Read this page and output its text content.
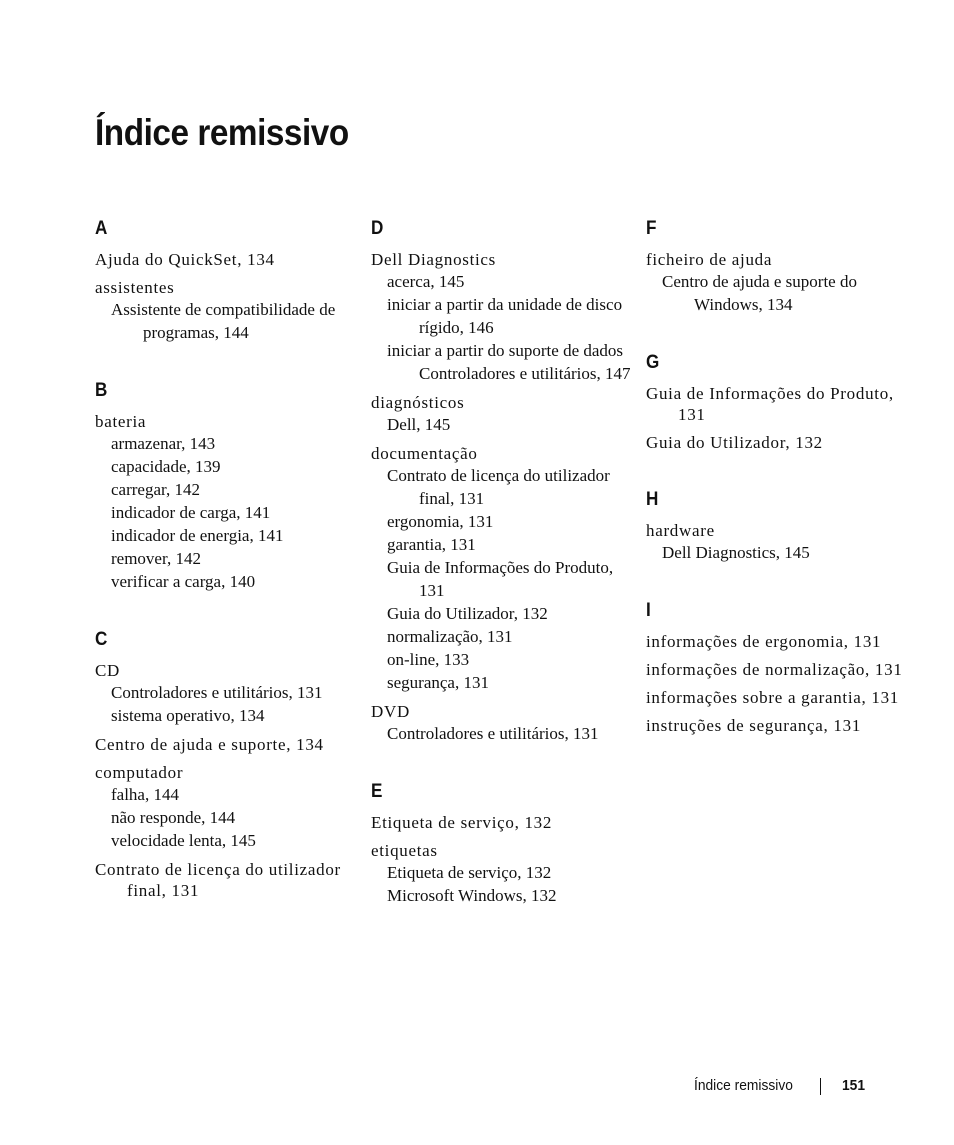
Índice remissivo
A
Ajuda do QuickSet, 134
assistentes
Assistente de compatibilidade de programas, 144
B
bateria
armazenar, 143
capacidade, 139
carregar, 142
indicador de carga, 141
indicador de energia, 141
remover, 142
verificar a carga, 140
C
CD
Controladores e utilitários, 131
sistema operativo, 134
Centro de ajuda e suporte, 134
computador
falha, 144
não responde, 144
velocidade lenta, 145
Contrato de licença do utilizador final, 131
D
Dell Diagnostics
acerca, 145
iniciar a partir da unidade de disco rígido, 146
iniciar a partir do suporte de dados Controladores e utilitários, 147
diagnósticos
Dell, 145
documentação
Contrato de licença do utilizador final, 131
ergonomia, 131
garantia, 131
Guia de Informações do Produto, 131
Guia do Utilizador, 132
normalização, 131
on-line, 133
segurança, 131
DVD
Controladores e utilitários, 131
E
Etiqueta de serviço, 132
etiquetas
Etiqueta de serviço, 132
Microsoft Windows, 132
F
ficheiro de ajuda
Centro de ajuda e suporte do Windows, 134
G
Guia de Informações do Produto, 131
Guia do Utilizador, 132
H
hardware
Dell Diagnostics, 145
I
informações de ergonomia, 131
informações de normalização, 131
informações sobre a garantia, 131
instruções de segurança, 131
Índice remissivo	151
